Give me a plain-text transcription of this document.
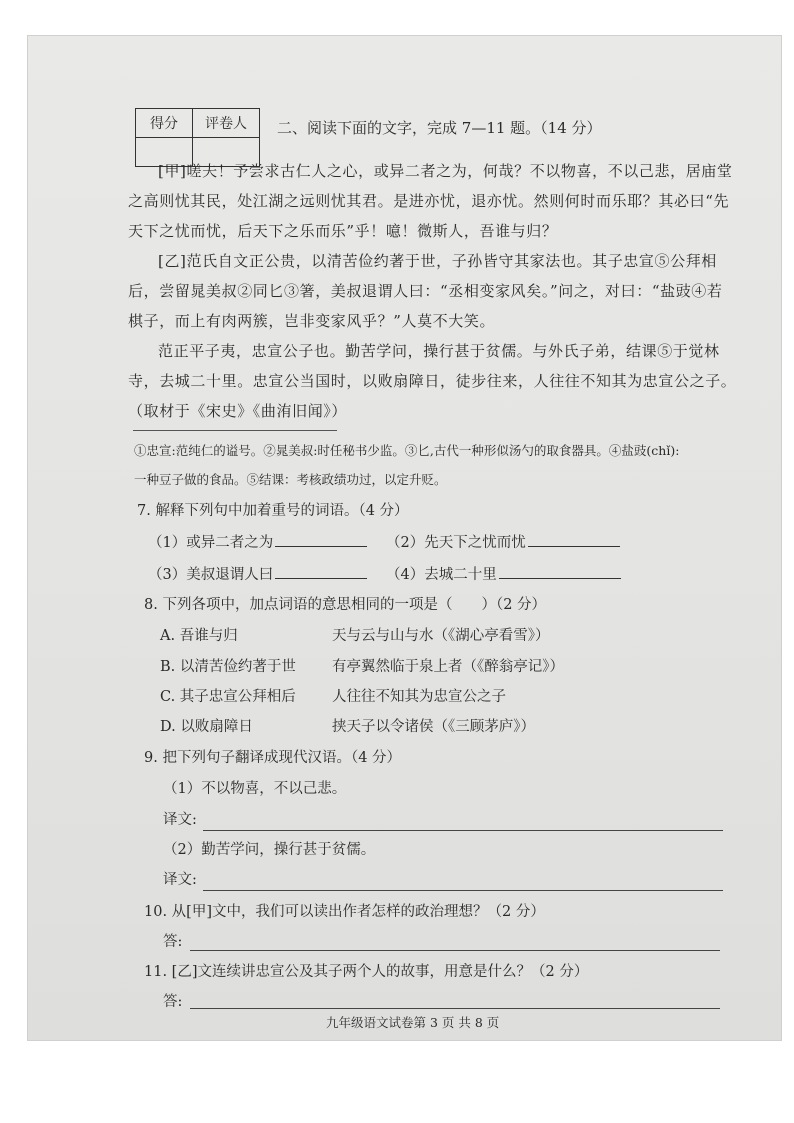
得分	评卷人
	二、阅读下面的文字，完成 7—11 题。（14 分）

[甲]嗟夫！予尝求古仁人之心，或异二者之为，何哉？不以物喜，不以己悲，居庙堂之高则忧其民，处江湖之远则忧其君。是进亦忧，退亦忧。然则何时而乐耶？其必曰“先天下之忧而忧，后天下之乐而乐”乎！噫！微斯人，吾谁与归？

[乙]范氏自文正公贵，以清苦俭约著于世，子孙皆守其家法也。其子忠宣⑤公拜相后，尝留晁美叔②同匕③箸，美叔退谓人曰：“丞相变家风矣。”问之，对曰：“盐豉④若棋子，而上有肉两簇，岂非变家风乎？”人莫不大笑。

范正平子夷，忠宣公子也。勤苦学问，操行甚于贫儒。与外氏子弟，结课⑤于觉林寺，去城二十里。忠宣公当国时，以败扇障日，徒步往来，人往往不知其为忠宣公之子。（取材于《宋史》《曲洧旧闻》）

①忠宣:范纯仁的谥号。②晁美叔:时任秘书少监。③匕,古代一种形似汤勺的取食器具。④盐豉(chǐ):
一种豆子做的食品。⑤结课：考核政绩功过，以定升贬。
7. 解释下列句中加着重号的词语。（4 分）
（1）或异二者之为	（2）先天下之忧而忧
（3）美叔退谓人曰	（4）去城二十里
8. 下列各项中，加点词语的意思相同的一项是（　　）（2 分）
A. 吾谁与归	天与云与山与水（《湖心亭看雪》）
B. 以清苦俭约著于世 有亭翼然临于泉上者（《醉翁亭记》）
C. 其子忠宣公拜相后 人往往不知其为忠宣公之子
D. 以败扇障日	挟天子以令诸侯（《三顾茅庐》）
9. 把下列句子翻译成现代汉语。（4 分）
（1）不以物喜，不以己悲。
译文:
（2）勤苦学问，操行甚于贫儒。
译文:
10. 从[甲]文中，我们可以读出作者怎样的政治理想？（2 分）
答:
11. [乙]文连续讲忠宣公及其子两个人的故事，用意是什么？（2 分）
答:
九年级语文试卷第 3 页 共 8 页
